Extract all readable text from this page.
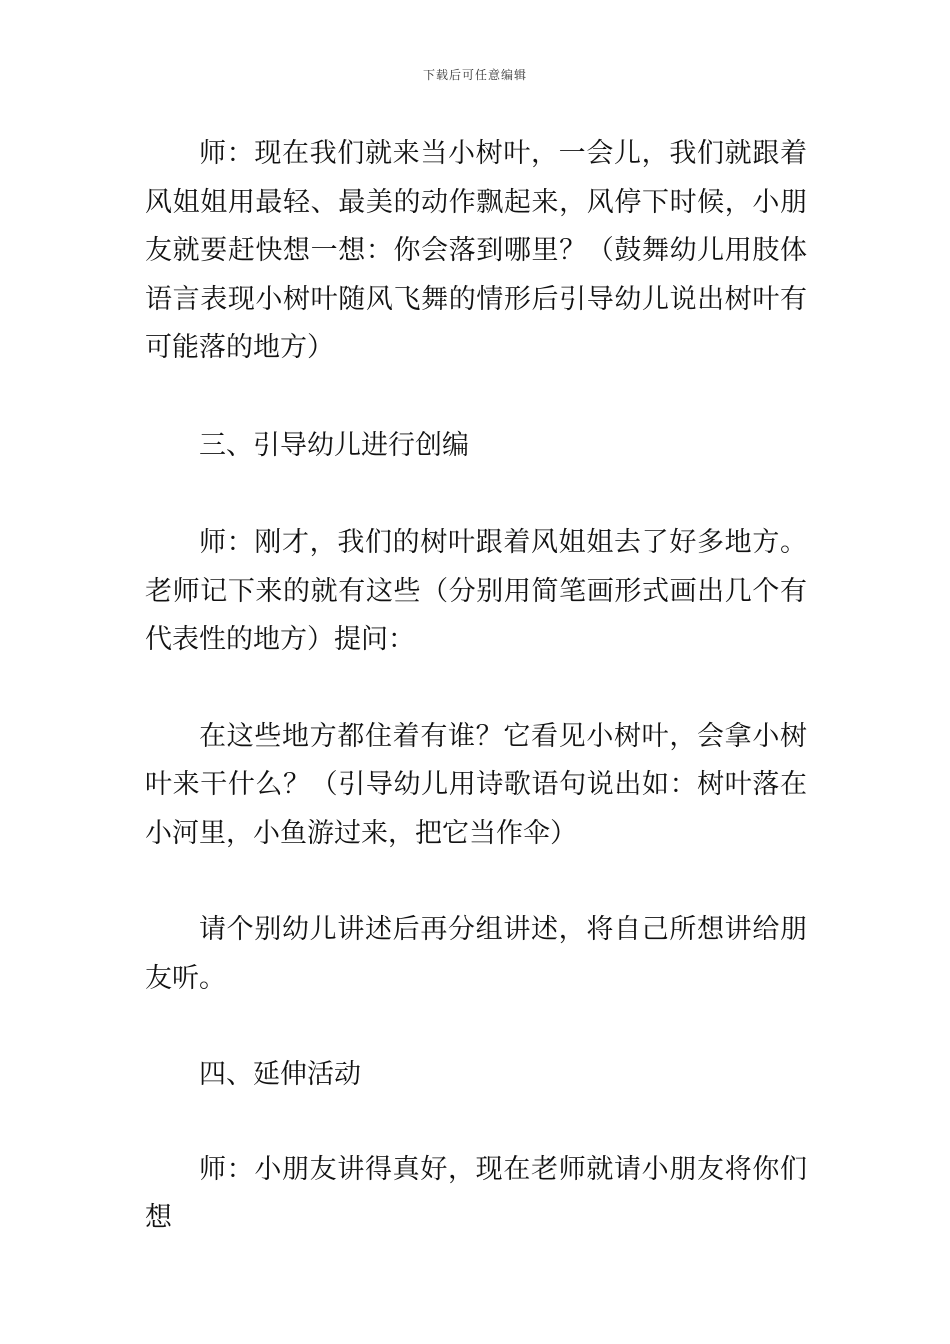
下载后可任意编辑

师：现在我们就来当小树叶，一会儿，我们就跟着风姐姐用最轻、最美的动作飘起来，风停下时候，小朋友就要赶快想一想：你会落到哪里？（鼓舞幼儿用肢体语言表现小树叶随风飞舞的情形后引导幼儿说出树叶有可能落的地方）

三、引导幼儿进行创编

师：刚才，我们的树叶跟着风姐姐去了好多地方。老师记下来的就有这些（分别用简笔画形式画出几个有代表性的地方）提问：

在这些地方都住着有谁？它看见小树叶，会拿小树叶来干什么？（引导幼儿用诗歌语句说出如：树叶落在小河里，小鱼游过来，把它当作伞）

请个别幼儿讲述后再分组讲述，将自己所想讲给朋友听。

四、延伸活动

师：小朋友讲得真好，现在老师就请小朋友将你们想
